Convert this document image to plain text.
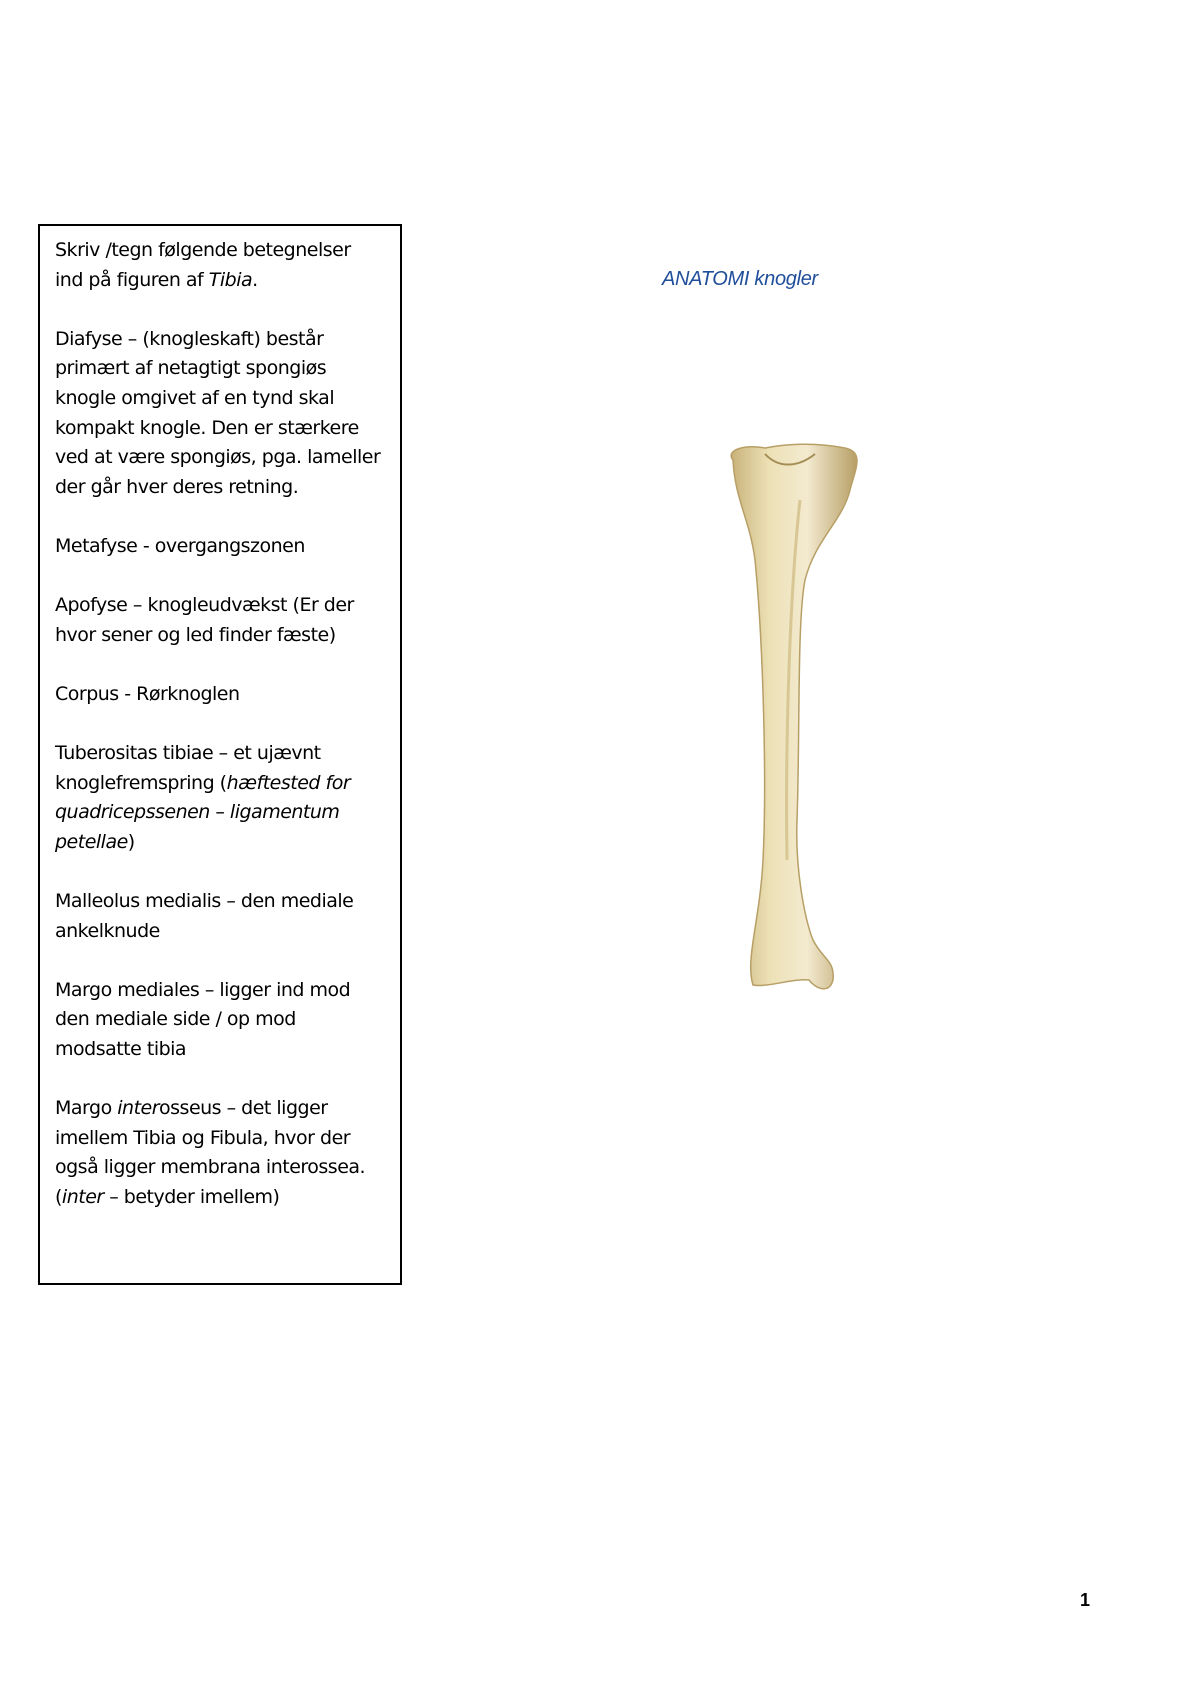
Skriv /tegn følgende betegnelser
ind på figuren af Tibia.

Diafyse – (knogleskaft) består primært af netagtigt spongiøs knogle omgivet af en tynd skal kompakt knogle. Den er stærkere ved at være spongiøs, pga. lameller der går hver deres retning.

Metafyse - overgangszonen

Apofyse – knogleudvækst (Er der hvor sener og led finder fæste)

Corpus - Rørknoglen

Tuberositas tibiae – et ujævnt knoglefremspring (hæftested for quadricepssenen – ligamentum petellae)

Malleolus medialis – den mediale ankelknude

Margo mediales – ligger ind mod den mediale side / op mod modsatte tibia

Margo interosseus – det ligger imellem Tibia og Fibula, hvor der også ligger membrana interossea.
(inter – betyder imellem)

ANATOMI knogler
1
